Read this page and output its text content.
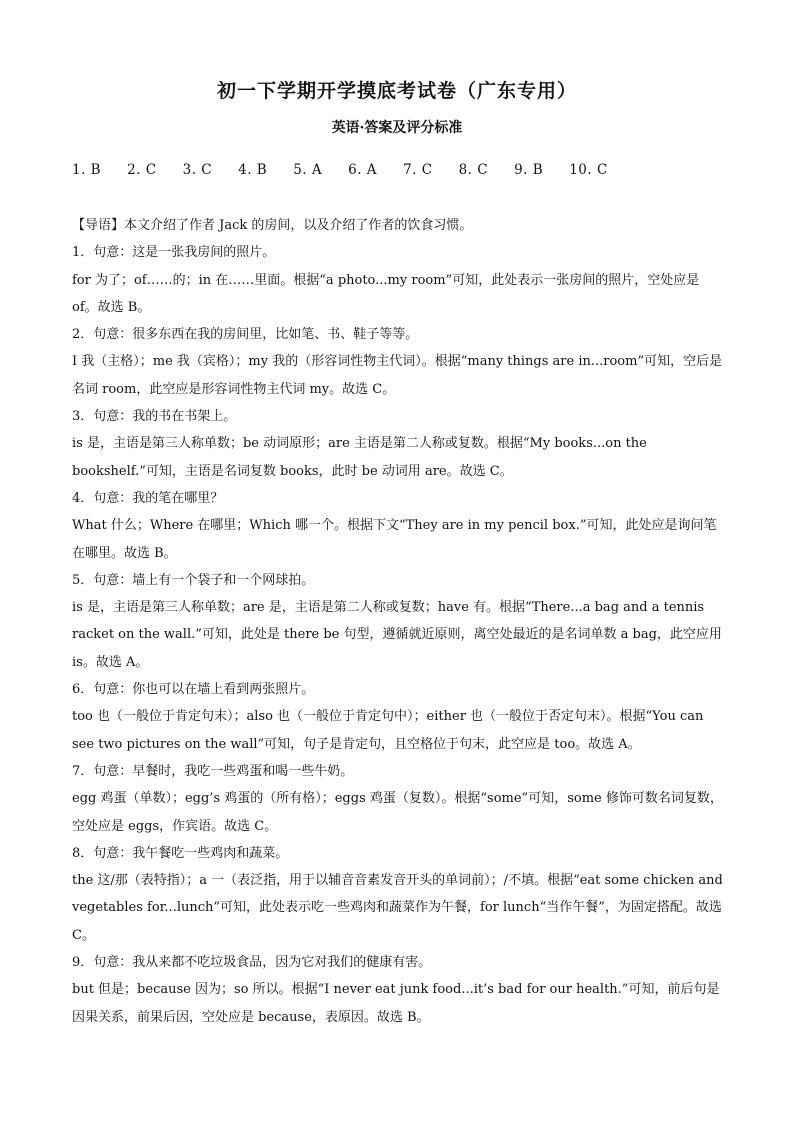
初一下学期开学摸底考试卷（广东专用）
英语·答案及评分标准
1. B 2. C 3. C 4. B 5. A 6. A 7. C 8. C 9. B 10. C

【导语】本文介绍了作者 Jack 的房间，以及介绍了作者的饮食习惯。

1．句意：这是一张我房间的照片。

for 为了；of……的；in 在……里面。根据“a photo...my room”可知，此处表示一张房间的照片，空处应是of。故选 B。

2．句意：很多东西在我的房间里，比如笔、书、鞋子等等。

I 我（主格）；me 我（宾格）；my 我的（形容词性物主代词）。根据“many things are in...room”可知，空后是名词 room，此空应是形容词性物主代词 my。故选 C。

3．句意：我的书在书架上。

is 是，主语是第三人称单数；be 动词原形；are 主语是第二人称或复数。根据“My books...on the bookshelf.”可知，主语是名词复数 books，此时 be 动词用 are。故选 C。

4．句意：我的笔在哪里？

What 什么；Where 在哪里；Which 哪一个。根据下文“They are in my pencil box.”可知，此处应是询问笔在哪里。故选 B。

5．句意：墙上有一个袋子和一个网球拍。

is 是，主语是第三人称单数；are 是，主语是第二人称或复数；have 有。根据“There...a bag and a tennis racket on the wall.”可知，此处是 there be 句型，遵循就近原则，离空处最近的是名词单数 a bag，此空应用is。故选 A。

6．句意：你也可以在墙上看到两张照片。

too 也（一般位于肯定句末）；also 也（一般位于肯定句中）；either 也（一般位于否定句末）。根据“You can see two pictures on the wall”可知，句子是肯定句，且空格位于句末，此空应是 too。故选 A。

7．句意：早餐时，我吃一些鸡蛋和喝一些牛奶。

egg 鸡蛋（单数）；egg’s 鸡蛋的（所有格）；eggs 鸡蛋（复数）。根据“some”可知，some 修饰可数名词复数，空处应是 eggs，作宾语。故选 C。

8．句意：我午餐吃一些鸡肉和蔬菜。

the 这/那（表特指）；a 一（表泛指，用于以辅音音素发音开头的单词前）；/不填。根据“eat some chicken and vegetables for...lunch”可知，此处表示吃一些鸡肉和蔬菜作为午餐，for lunch“当作午餐”，为固定搭配。故选 C。

9．句意：我从来都不吃垃圾食品，因为它对我们的健康有害。

but 但是；because 因为；so 所以。根据“I never eat junk food...it’s bad for our health.”可知，前后句是因果关系，前果后因，空处应是 because，表原因。故选 B。
